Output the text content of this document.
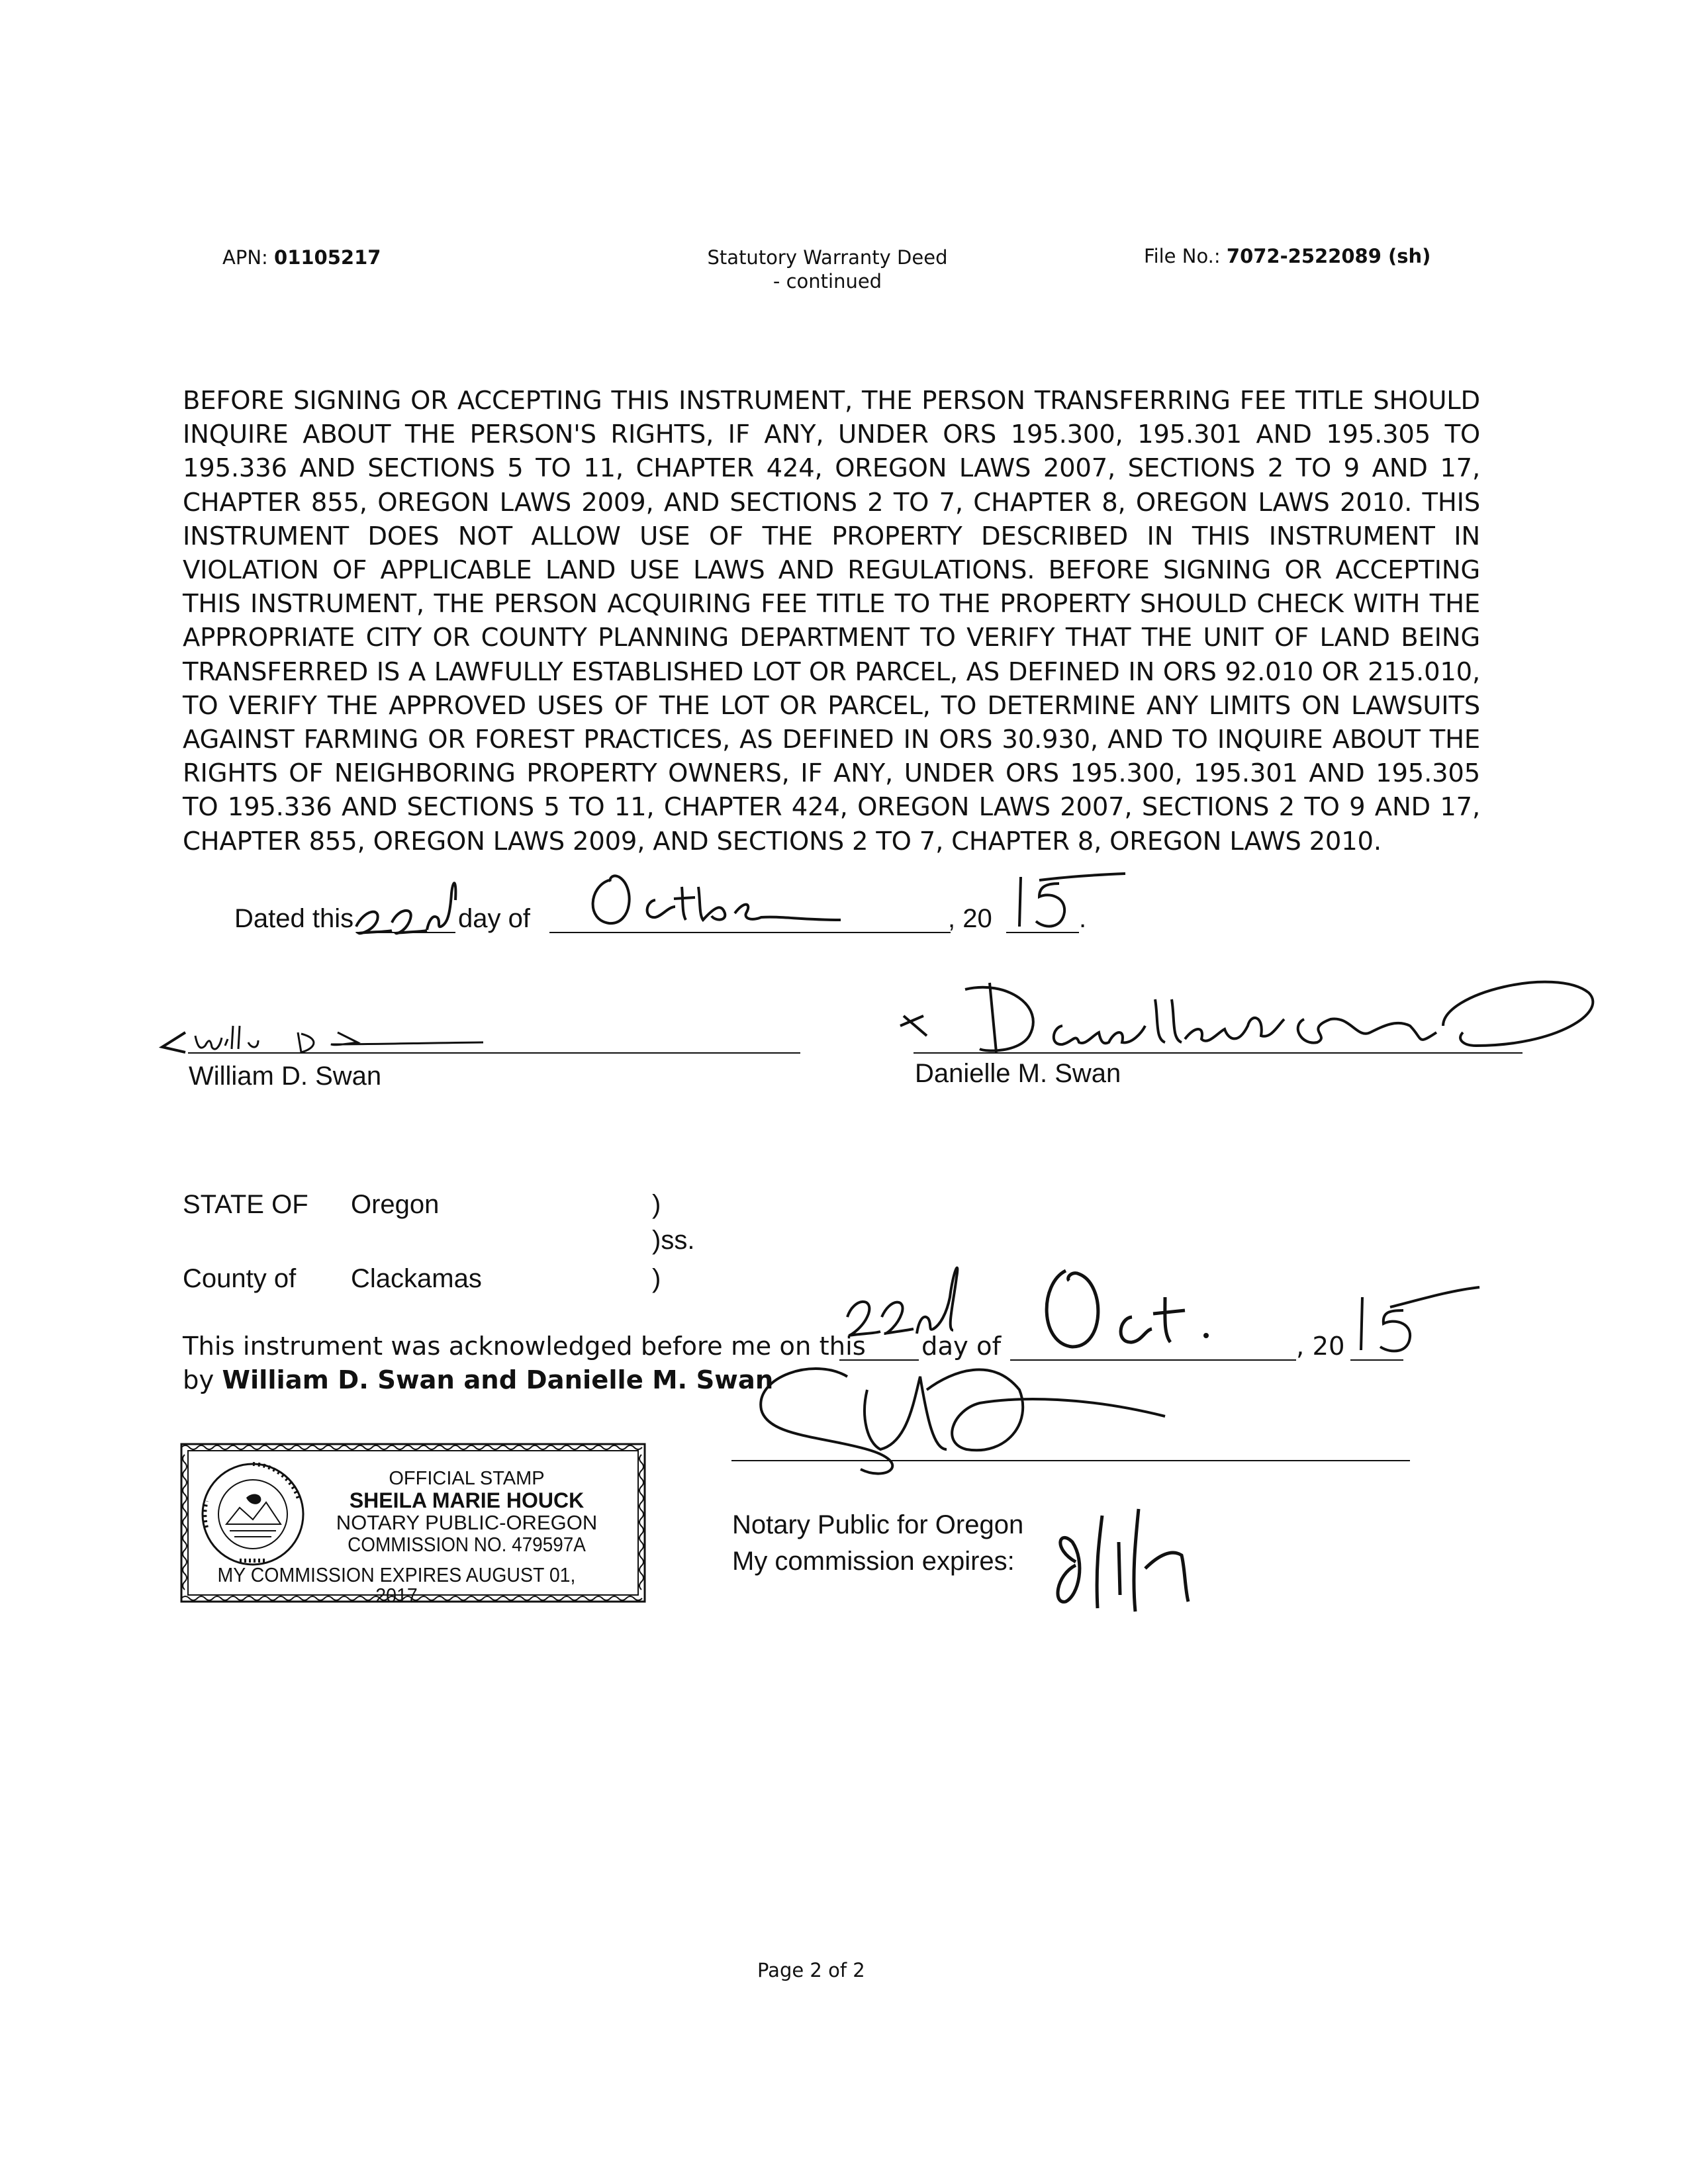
APN: 01105217	Statutory Warranty Deed
- continued
File No.: 7072-2522089 (sh)
BEFORE SIGNING OR ACCEPTING THIS INSTRUMENT, THE PERSON TRANSFERRING FEE TITLE SHOULD
INQUIRE ABOUT THE PERSON'S RIGHTS, IF ANY, UNDER ORS 195.300, 195.301 AND 195.305 TO
195.336 AND SECTIONS 5 TO 11, CHAPTER 424, OREGON LAWS 2007, SECTIONS 2 TO 9 AND 17,
CHAPTER 855, OREGON LAWS 2009, AND SECTIONS 2 TO 7, CHAPTER 8, OREGON LAWS 2010. THIS
INSTRUMENT DOES NOT ALLOW USE OF THE PROPERTY DESCRIBED IN THIS INSTRUMENT IN
VIOLATION OF APPLICABLE LAND USE LAWS AND REGULATIONS. BEFORE SIGNING OR ACCEPTING
THIS INSTRUMENT, THE PERSON ACQUIRING FEE TITLE TO THE PROPERTY SHOULD CHECK WITH THE
APPROPRIATE CITY OR COUNTY PLANNING DEPARTMENT TO VERIFY THAT THE UNIT OF LAND BEING
TRANSFERRED IS A LAWFULLY ESTABLISHED LOT OR PARCEL, AS DEFINED IN ORS 92.010 OR 215.010,
TO VERIFY THE APPROVED USES OF THE LOT OR PARCEL, TO DETERMINE ANY LIMITS ON LAWSUITS
AGAINST FARMING OR FOREST PRACTICES, AS DEFINED IN ORS 30.930, AND TO INQUIRE ABOUT THE
RIGHTS OF NEIGHBORING PROPERTY OWNERS, IF ANY, UNDER ORS 195.300, 195.301 AND 195.305
TO 195.336 AND SECTIONS 5 TO 11, CHAPTER 424, OREGON LAWS 2007, SECTIONS 2 TO 9 AND 17,
CHAPTER 855, OREGON LAWS 2009, AND SECTIONS 2 TO 7, CHAPTER 8, OREGON LAWS 2010.
Dated this	day of	, 20	.
William D. Swan	Danielle M. Swan
STATE OF Oregon	)
)ss.
County of Clackamas	)
This instrument was acknowledged before me on this day of	, 20
by William D. Swan and Danielle M. Swan
Notary Public for Oregon
My commission expires:
OFFICIAL STAMP
SHEILA MARIE HOUCK
NOTARY PUBLIC-OREGON
COMMISSION NO. 479597A
MY COMMISSION EXPIRES AUGUST 01, 2017
Page 2 of 2
